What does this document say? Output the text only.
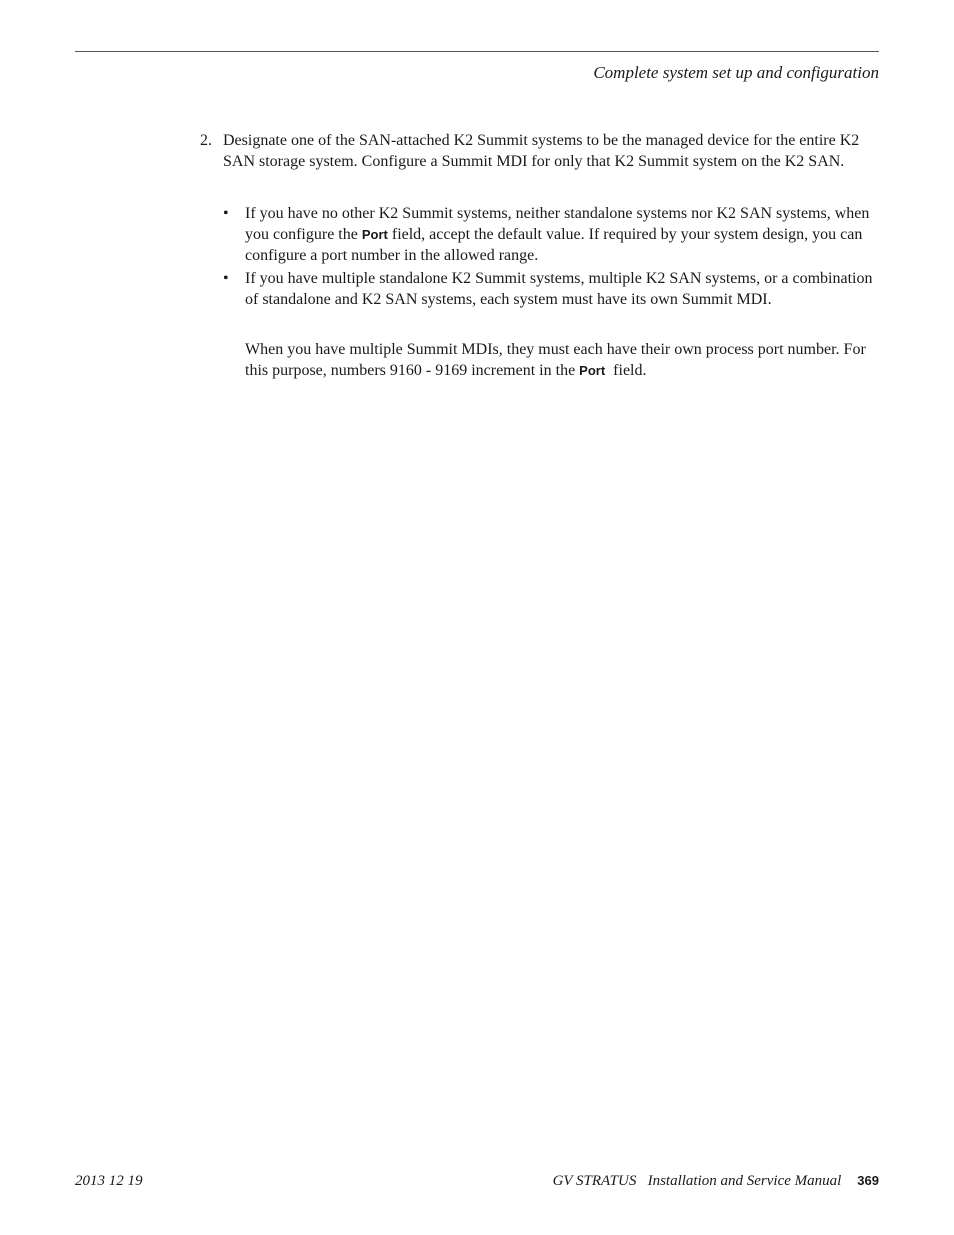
Complete system set up and configuration
2. Designate one of the SAN-attached K2 Summit systems to be the managed device for the entire K2 SAN storage system. Configure a Summit MDI for only that K2 Summit system on the K2 SAN.
• If you have no other K2 Summit systems, neither standalone systems nor K2 SAN systems, when you configure the Port field, accept the default value. If required by your system design, you can configure a port number in the allowed range.
• If you have multiple standalone K2 Summit systems, multiple K2 SAN systems, or a combination of standalone and K2 SAN systems, each system must have its own Summit MDI.
When you have multiple Summit MDIs, they must each have their own process port number. For this purpose, numbers 9160 - 9169 increment in the Port  field.
2013 12 19	GV STRATUS   Installation and Service Manual 369
